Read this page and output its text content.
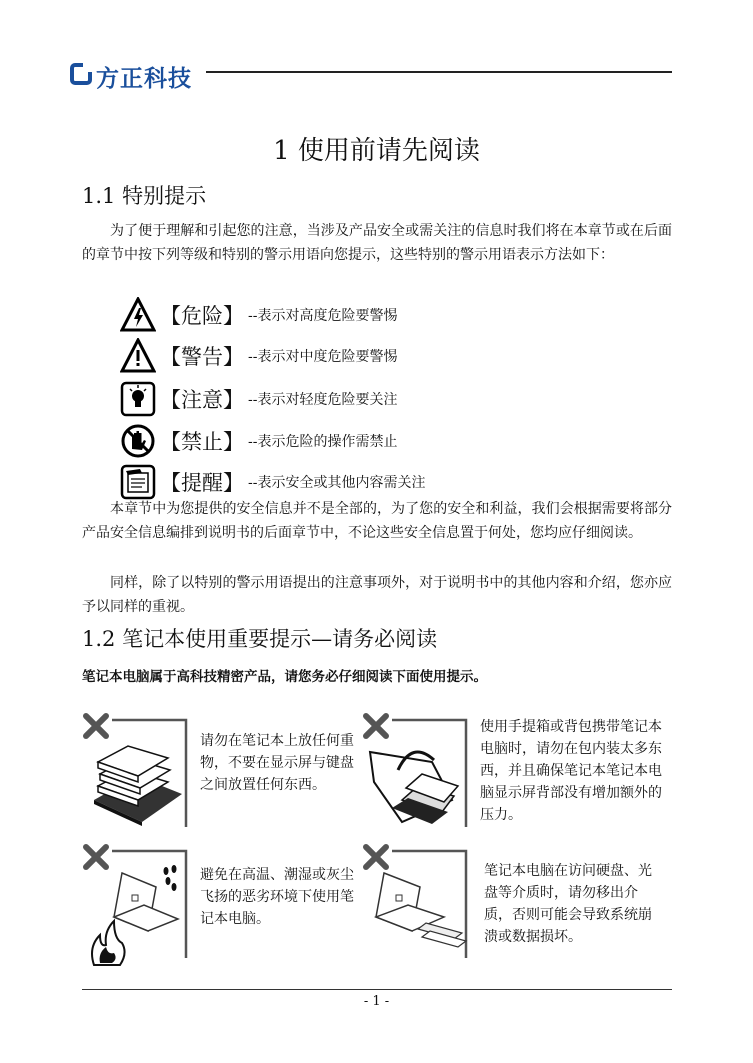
方正科技
1 使用前请先阅读
1.1 特别提示
为了便于理解和引起您的注意，当涉及产品安全或需关注的信息时我们将在本章节或在后面的章节中按下列等级和特别的警示用语向您提示，这些特别的警示用语表示方法如下：
【危险】 --表示对高度危险要警惕
【警告】 --表示对中度危险要警惕
【注意】 --表示对轻度危险要关注
【禁止】 --表示危险的操作需禁止
【提醒】 --表示安全或其他内容需关注
本章节中为您提供的安全信息并不是全部的，为了您的安全和利益，我们会根据需要将部分产品安全信息编排到说明书的后面章节中，不论这些安全信息置于何处，您均应仔细阅读。
同样，除了以特别的警示用语提出的注意事项外，对于说明书中的其他内容和介绍，您亦应予以同样的重视。
1.2 笔记本使用重要提示—请务必阅读
笔记本电脑属于高科技精密产品，请您务必仔细阅读下面使用提示。
请勿在笔记本上放任何重物，不要在显示屏与键盘之间放置任何东西。
使用手提箱或背包携带笔记本电脑时，请勿在包内装太多东西，并且确保笔记本笔记本电脑显示屏背部没有增加额外的压力。
避免在高温、潮湿或灰尘飞扬的恶劣环境下使用笔记本电脑。
笔记本电脑在访问硬盘、光盘等介质时，请勿移出介质，否则可能会导致系统崩溃或数据损坏。
- 1 -
